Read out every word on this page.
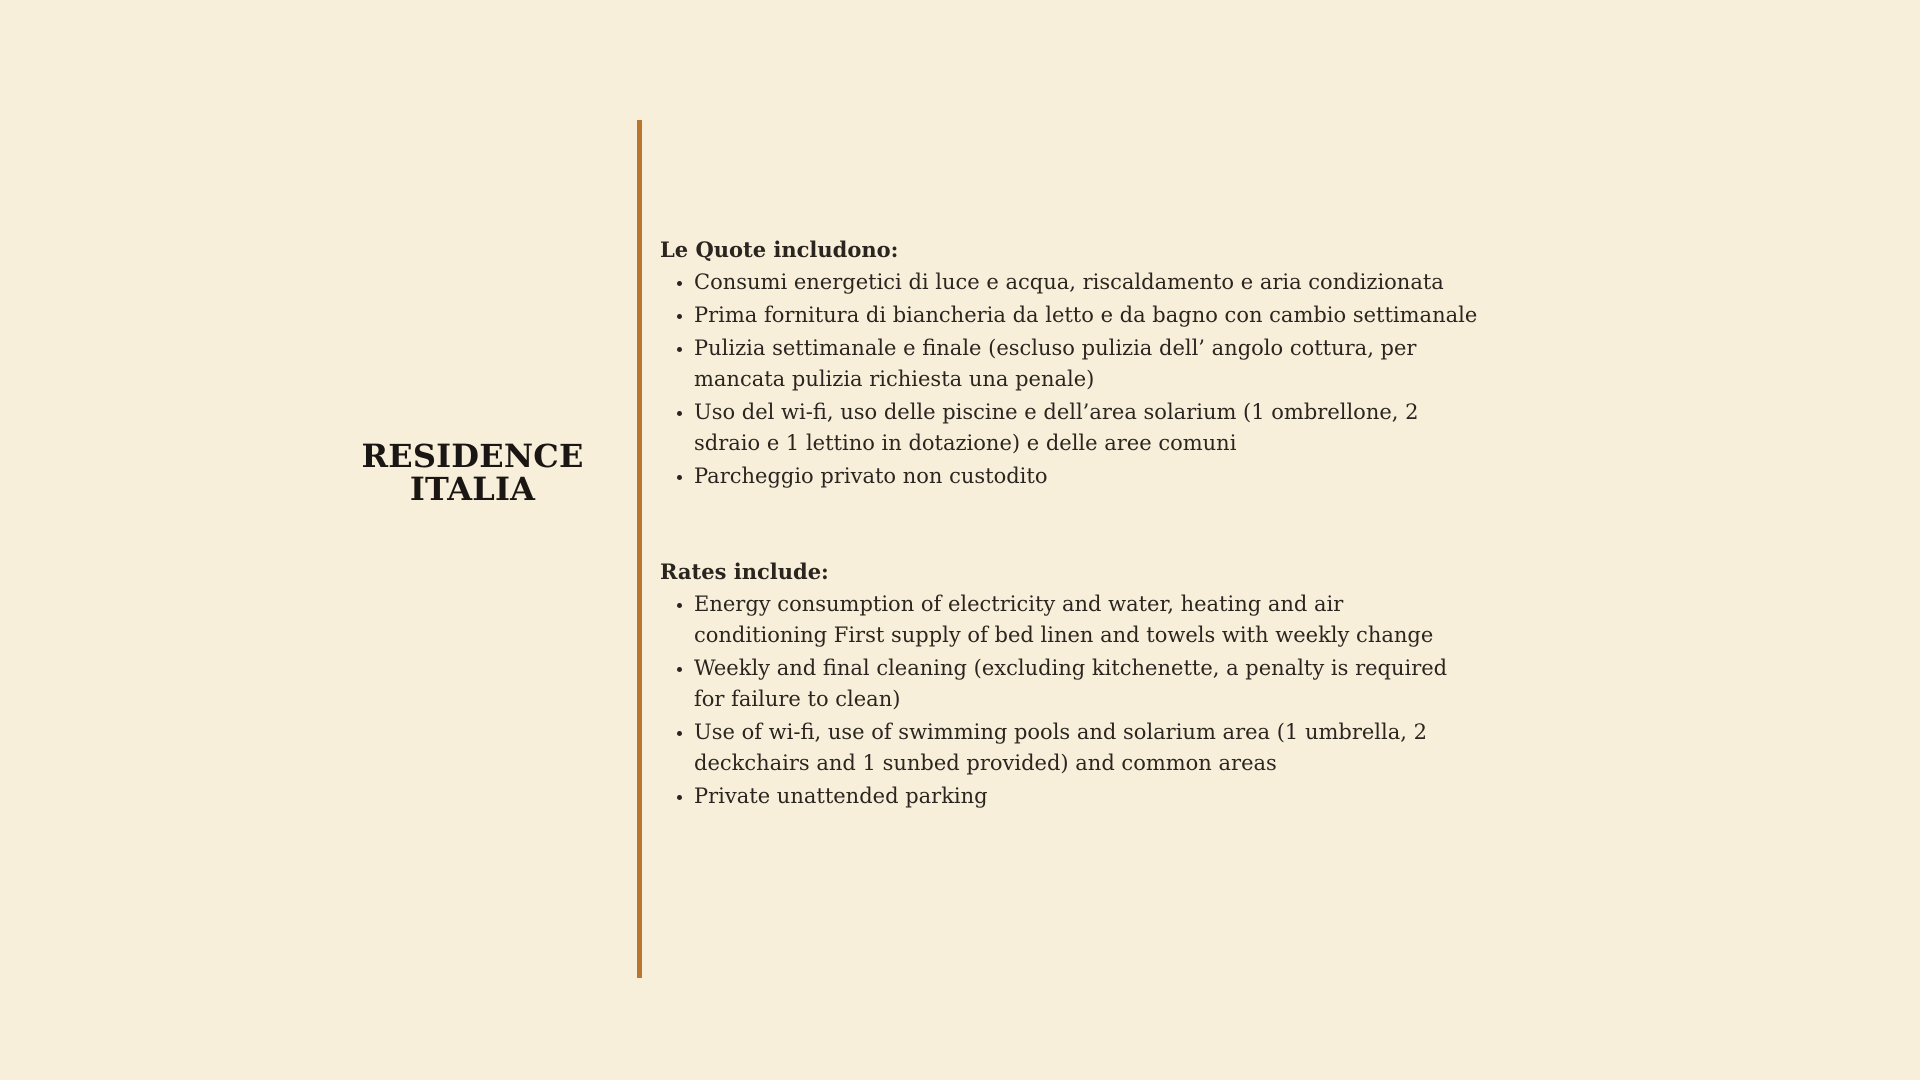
RESIDENCE
ITALIA

Le Quote includono:

• Consumi energetici di luce e acqua, riscaldamento e aria condizionata
• Prima fornitura di biancheria da letto e da bagno con cambio settimanale
• Pulizia settimanale e finale (escluso pulizia dell’ angolo cottura, per mancata pulizia richiesta una penale)
• Uso del wi-fi, uso delle piscine e dell’area solarium (1 ombrellone, 2 sdraio e 1 lettino in dotazione) e delle aree comuni
• Parcheggio privato non custodito

Rates include:

• Energy consumption of electricity and water, heating and air conditioning First supply of bed linen and towels with weekly change
• Weekly and final cleaning (excluding kitchenette, a penalty is required for failure to clean)
• Use of wi-fi, use of swimming pools and solarium area (1 umbrella, 2 deckchairs and 1 sunbed provided) and common areas
• Private unattended parking
